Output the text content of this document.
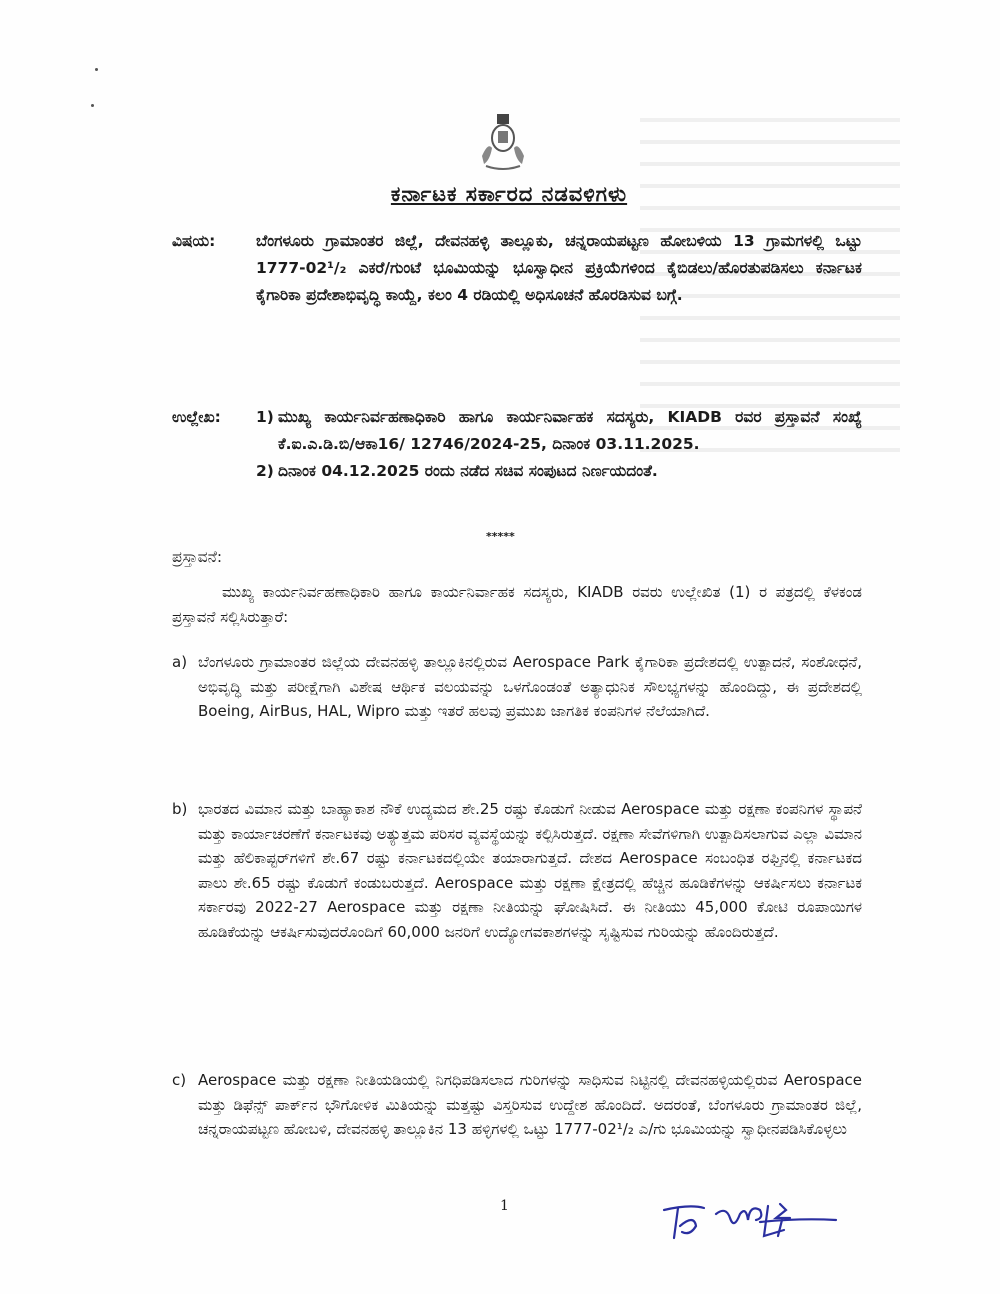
ಕರ್ನಾಟಕ ಸರ್ಕಾರದ ನಡವಳಿಗಳು
ವಿಷಯ:	ಬೆಂಗಳೂರು ಗ್ರಾಮಾಂತರ ಜಿಲ್ಲೆ, ದೇವನಹಳ್ಳಿ ತಾಲ್ಲೂಕು, ಚನ್ನರಾಯಪಟ್ಟಣ ಹೋಬಳಿಯ 13 ಗ್ರಾಮಗಳಲ್ಲಿ ಒಟ್ಟು 1777-02¹/₂ ಎಕರೆ/ಗುಂಟೆ ಭೂಮಿಯನ್ನು ಭೂಸ್ವಾಧೀನ ಪ್ರಕ್ರಿಯೆಗಳಿಂದ ಕೈಬಿಡಲು/ಹೊರತುಪಡಿಸಲು ಕರ್ನಾಟಕ ಕೈಗಾರಿಕಾ ಪ್ರದೇಶಾಭಿವೃದ್ಧಿ ಕಾಯ್ದೆ, ಕಲಂ 4 ರಡಿಯಲ್ಲಿ ಅಧಿಸೂಚನೆ ಹೊರಡಿಸುವ ಬಗ್ಗೆ.
ಉಲ್ಲೇಖ: 1) ಮುಖ್ಯ ಕಾರ್ಯನಿರ್ವಹಣಾಧಿಕಾರಿ ಹಾಗೂ ಕಾರ್ಯನಿರ್ವಾಹಕ ಸದಸ್ಯರು, KIADB ರವರ ಪ್ರಸ್ತಾವನೆ ಸಂಖ್ಯೆ ಕೆ.ಐ.ಎ.ಡಿ.ಬಿ/ಆಕಾ16/ 12746/2024-25, ದಿನಾಂಕ 03.11.2025.
2) ದಿನಾಂಕ 04.12.2025 ರಂದು ನಡೆದ ಸಚಿವ ಸಂಪುಟದ ನಿರ್ಣಯದಂತೆ.
*****
ಪ್ರಸ್ತಾವನೆ:
ಮುಖ್ಯ ಕಾರ್ಯನಿರ್ವಹಣಾಧಿಕಾರಿ ಹಾಗೂ ಕಾರ್ಯನಿರ್ವಾಹಕ ಸದಸ್ಯರು, KIADB ರವರು ಉಲ್ಲೇಖಿತ (1) ರ ಪತ್ರದಲ್ಲಿ ಕೆಳಕಂಡ ಪ್ರಸ್ತಾವನೆ ಸಲ್ಲಿಸಿರುತ್ತಾರೆ:
a) ಬೆಂಗಳೂರು ಗ್ರಾಮಾಂತರ ಜಿಲ್ಲೆಯ ದೇವನಹಳ್ಳಿ ತಾಲ್ಲೂಕಿನಲ್ಲಿರುವ Aerospace Park ಕೈಗಾರಿಕಾ ಪ್ರದೇಶದಲ್ಲಿ ಉತ್ಪಾದನೆ, ಸಂಶೋಧನೆ, ಅಭಿವೃದ್ಧಿ ಮತ್ತು ಪರೀಕ್ಷೆಗಾಗಿ ವಿಶೇಷ ಆರ್ಥಿಕ ವಲಯವನ್ನು ಒಳಗೊಂಡಂತೆ ಅತ್ಯಾಧುನಿಕ ಸೌಲಭ್ಯಗಳನ್ನು ಹೊಂದಿದ್ದು, ಈ ಪ್ರದೇಶದಲ್ಲಿ Boeing, AirBus, HAL, Wipro ಮತ್ತು ಇತರೆ ಹಲವು ಪ್ರಮುಖ ಜಾಗತಿಕ ಕಂಪನಿಗಳ ನೆಲೆಯಾಗಿದೆ.
b) ಭಾರತದ ವಿಮಾನ ಮತ್ತು ಬಾಹ್ಯಾಕಾಶ ನೌಕೆ ಉದ್ಯಮದ ಶೇ.25 ರಷ್ಟು ಕೊಡುಗೆ ನೀಡುವ Aerospace ಮತ್ತು ರಕ್ಷಣಾ ಕಂಪನಿಗಳ ಸ್ಥಾಪನೆ ಮತ್ತು ಕಾರ್ಯಾಚರಣೆಗೆ ಕರ್ನಾಟಕವು ಅತ್ಯುತ್ತಮ ಪರಿಸರ ವ್ಯವಸ್ಥೆಯನ್ನು ಕಲ್ಪಿಸಿರುತ್ತದೆ. ರಕ್ಷಣಾ ಸೇವೆಗಳಿಗಾಗಿ ಉತ್ಪಾದಿಸಲಾಗುವ ಎಲ್ಲಾ ವಿಮಾನ ಮತ್ತು ಹೆಲಿಕಾಪ್ಟರ್‌ಗಳಿಗೆ ಶೇ.67 ರಷ್ಟು ಕರ್ನಾಟಕದಲ್ಲಿಯೇ ತಯಾರಾಗುತ್ತದೆ. ದೇಶದ Aerospace ಸಂಬಂಧಿತ ರಫ್ತಿನಲ್ಲಿ ಕರ್ನಾಟಕದ ಪಾಲು ಶೇ.65 ರಷ್ಟು ಕೊಡುಗೆ ಕಂಡುಬರುತ್ತದೆ. Aerospace ಮತ್ತು ರಕ್ಷಣಾ ಕ್ಷೇತ್ರದಲ್ಲಿ ಹೆಚ್ಚಿನ ಹೂಡಿಕೆಗಳನ್ನು ಆಕರ್ಷಿಸಲು ಕರ್ನಾಟಕ ಸರ್ಕಾರವು 2022-27 Aerospace ಮತ್ತು ರಕ್ಷಣಾ ನೀತಿಯನ್ನು ಘೋಷಿಸಿದೆ. ಈ ನೀತಿಯು 45,000 ಕೋಟಿ ರೂಪಾಯಿಗಳ ಹೂಡಿಕೆಯನ್ನು ಆಕರ್ಷಿಸುವುದರೊಂದಿಗೆ 60,000 ಜನರಿಗೆ ಉದ್ಯೋಗವಕಾಶಗಳನ್ನು ಸೃಷ್ಟಿಸುವ ಗುರಿಯನ್ನು ಹೊಂದಿರುತ್ತದೆ.
c) Aerospace ಮತ್ತು ರಕ್ಷಣಾ ನೀತಿಯಡಿಯಲ್ಲಿ ನಿಗಧಿಪಡಿಸಲಾದ ಗುರಿಗಳನ್ನು ಸಾಧಿಸುವ ನಿಟ್ಟಿನಲ್ಲಿ ದೇವನಹಳ್ಳಿಯಲ್ಲಿರುವ Aerospace ಮತ್ತು ಡಿಫೆನ್ಸ್ ಪಾರ್ಕ್‌ನ ಭೌಗೋಳಿಕ ಮಿತಿಯನ್ನು ಮತ್ತಷ್ಟು ವಿಸ್ತರಿಸುವ ಉದ್ದೇಶ ಹೊಂದಿದೆ. ಅದರಂತೆ, ಬೆಂಗಳೂರು ಗ್ರಾಮಾಂತರ ಜಿಲ್ಲೆ, ಚನ್ನರಾಯಪಟ್ಟಣ ಹೋಬಳಿ, ದೇವನಹಳ್ಳಿ ತಾಲ್ಲೂಕಿನ 13 ಹಳ್ಳಿಗಳಲ್ಲಿ ಒಟ್ಟು 1777-02¹/₂ ಎ/ಗು ಭೂಮಿಯನ್ನು ಸ್ವಾಧೀನಪಡಿಸಿಕೊಳ್ಳಲು
1
